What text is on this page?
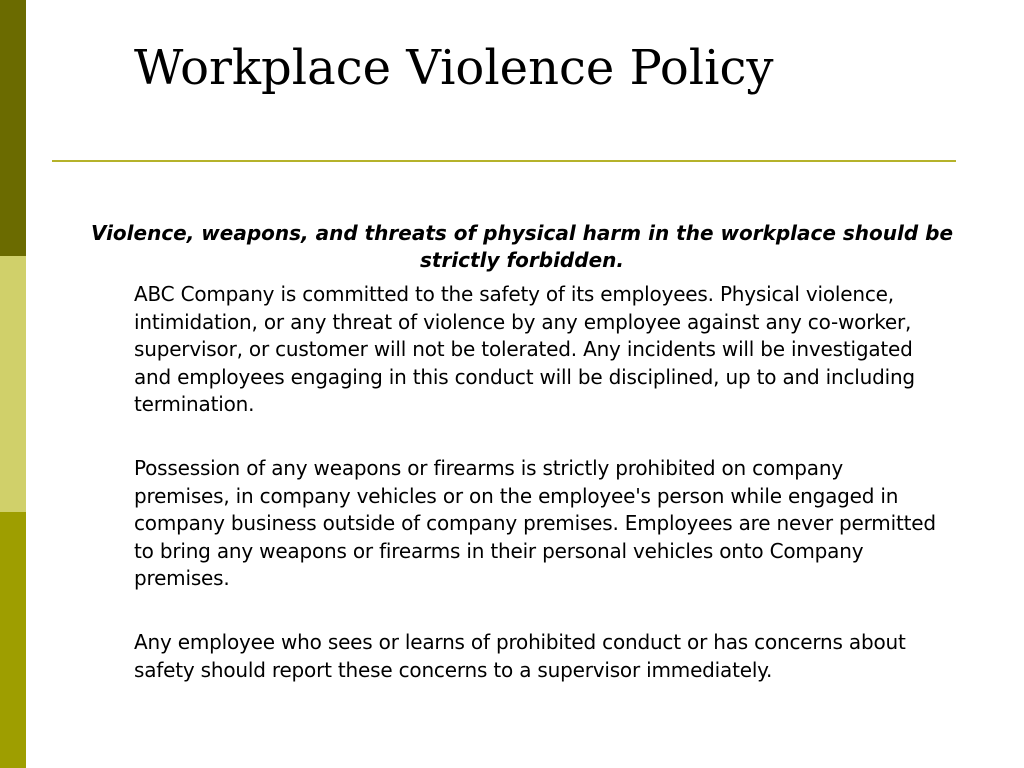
Workplace Violence Policy

Violence, weapons, and threats of physical harm in the workplace should be strictly forbidden.

ABC Company is committed to the safety of its employees. Physical violence, intimidation, or any threat of violence by any employee against any co-worker, supervisor, or customer will not be tolerated. Any incidents will be investigated and employees engaging in this conduct will be disciplined, up to and including termination.

Possession of any weapons or firearms is strictly prohibited on company premises, in company vehicles or on the employee's person while engaged in company business outside of company premises. Employees are never permitted to bring any weapons or firearms in their personal vehicles onto Company premises.

Any employee who sees or learns of prohibited conduct or has concerns about safety should report these concerns to a supervisor immediately.
